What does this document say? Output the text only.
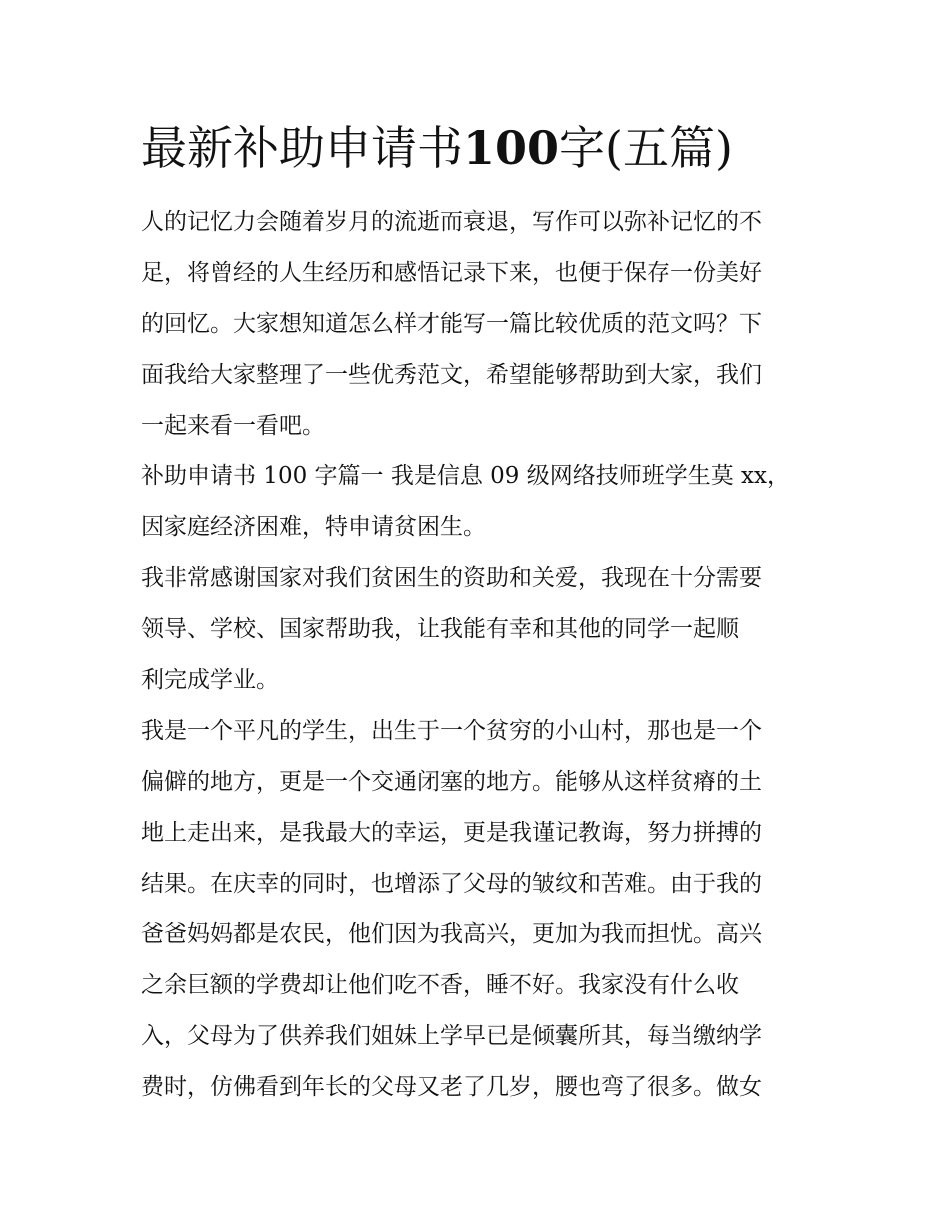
最新补助申请书100字(五篇)
人的记忆力会随着岁月的流逝而衰退，写作可以弥补记忆的不
足，将曾经的人生经历和感悟记录下来，也便于保存一份美好
的回忆。大家想知道怎么样才能写一篇比较优质的范文吗？下
面我给大家整理了一些优秀范文，希望能够帮助到大家，我们
一起来看一看吧。
补助申请书 100 字篇一 我是信息 09 级网络技师班学生莫 xx，
因家庭经济困难，特申请贫困生。
我非常感谢国家对我们贫困生的资助和关爱，我现在十分需要
领导、学校、国家帮助我，让我能有幸和其他的同学一起顺
利完成学业。
我是一个平凡的学生，出生于一个贫穷的小山村，那也是一个
偏僻的地方，更是一个交通闭塞的地方。能够从这样贫瘠的土
地上走出来，是我最大的幸运，更是我谨记教诲，努力拼搏的
结果。在庆幸的同时，也增添了父母的皱纹和苦难。由于我的
爸爸妈妈都是农民，他们因为我高兴，更加为我而担忧。高兴
之余巨额的学费却让他们吃不香，睡不好。我家没有什么收
入，父母为了供养我们姐妹上学早已是倾囊所其，每当缴纳学
费时，仿佛看到年长的父母又老了几岁，腰也弯了很多。做女
